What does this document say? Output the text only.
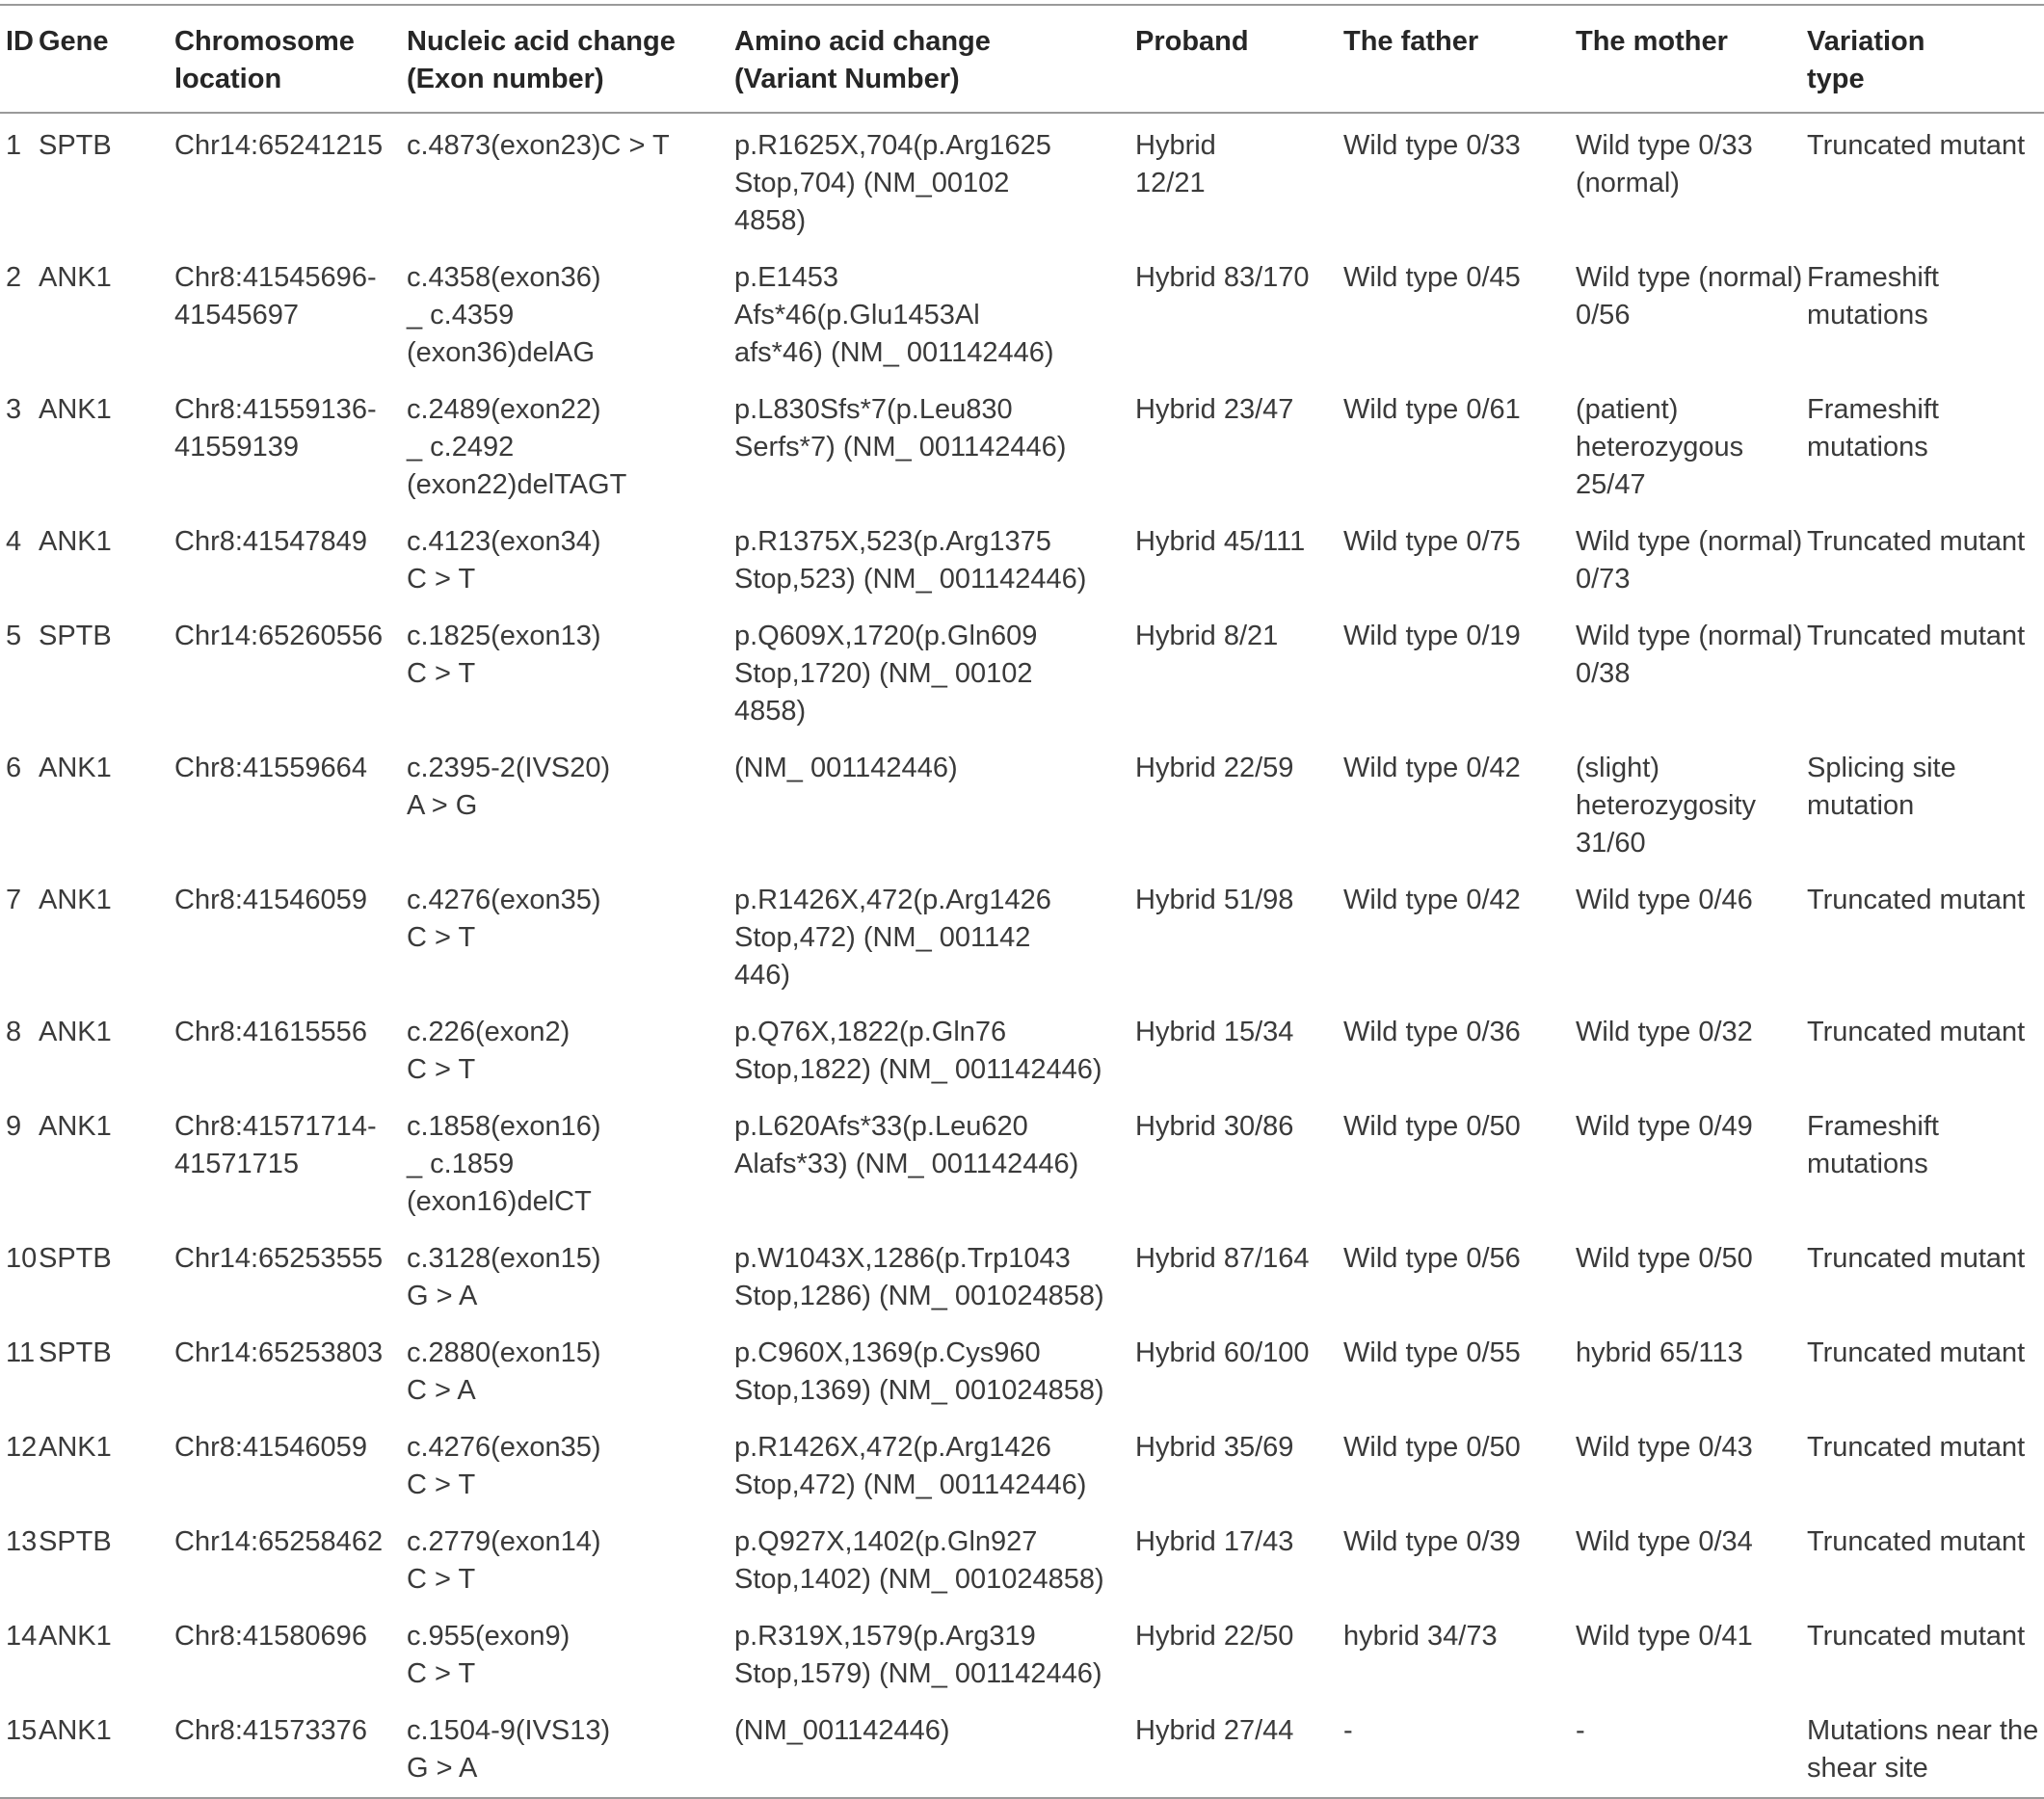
ID	Gene	Chromosome
location	Nucleic acid change
(Exon number)	Amino acid change
(Variant Number)	Proband	The father	The mother	Variation
type

1	SPTB	Chr14:65241215	c.4873(exon23)C > T	p.R1625X,704(p.Arg1625
Stop,704) (NM_00102
4858)	Hybrid
12/21	Wild type 0/33	Wild type 0/33
(normal)	Truncated mutant

2	ANK1	Chr8:41545696-
41545697	c.4358(exon36)
_ c.4359
(exon36)delAG	p.E1453
Afs*46(p.Glu1453Al
afs*46) (NM_ 001142446)	Hybrid 83/170	Wild type 0/45	Wild type (normal)
0/56	Frameshift
mutations

3	ANK1	Chr8:41559136-
41559139	c.2489(exon22)
_ c.2492
(exon22)delTAGT	p.L830Sfs*7(p.Leu830
Serfs*7) (NM_ 001142446)	Hybrid 23/47	Wild type 0/61	(patient)
heterozygous
25/47	Frameshift
mutations

4	ANK1	Chr8:41547849	c.4123(exon34)
C > T	p.R1375X,523(p.Arg1375
Stop,523) (NM_ 001142446)	Hybrid 45/111	Wild type 0/75	Wild type (normal)
0/73	Truncated mutant

5	SPTB	Chr14:65260556	c.1825(exon13)
C > T	p.Q609X,1720(p.Gln609
Stop,1720) (NM_ 00102
4858)	Hybrid 8/21	Wild type 0/19	Wild type (normal)
0/38	Truncated mutant

6	ANK1	Chr8:41559664	c.2395-2(IVS20)
A > G	(NM_ 001142446)	Hybrid 22/59	Wild type 0/42	(slight)
heterozygosity
31/60	Splicing site
mutation

7	ANK1	Chr8:41546059	c.4276(exon35)
C > T	p.R1426X,472(p.Arg1426
Stop,472) (NM_ 001142
446)	Hybrid 51/98	Wild type 0/42	Wild type 0/46	Truncated mutant

8	ANK1	Chr8:41615556	c.226(exon2)
C > T	p.Q76X,1822(p.Gln76
Stop,1822) (NM_ 001142446)	Hybrid 15/34	Wild type 0/36	Wild type 0/32	Truncated mutant

9	ANK1	Chr8:41571714-
41571715	c.1858(exon16)
_ c.1859
(exon16)delCT	p.L620Afs*33(p.Leu620
Alafs*33) (NM_ 001142446)	Hybrid 30/86	Wild type 0/50	Wild type 0/49	Frameshift
mutations

10	SPTB	Chr14:65253555	c.3128(exon15)
G > A	p.W1043X,1286(p.Trp1043
Stop,1286) (NM_ 001024858)	Hybrid 87/164	Wild type 0/56	Wild type 0/50	Truncated mutant

11	SPTB	Chr14:65253803	c.2880(exon15)
C > A	p.C960X,1369(p.Cys960
Stop,1369) (NM_ 001024858)	Hybrid 60/100	Wild type 0/55	hybrid 65/113	Truncated mutant

12	ANK1	Chr8:41546059	c.4276(exon35)
C > T	p.R1426X,472(p.Arg1426
Stop,472) (NM_ 001142446)	Hybrid 35/69	Wild type 0/50	Wild type 0/43	Truncated mutant

13	SPTB	Chr14:65258462	c.2779(exon14)
C > T	p.Q927X,1402(p.Gln927
Stop,1402) (NM_ 001024858)	Hybrid 17/43	Wild type 0/39	Wild type 0/34	Truncated mutant

14	ANK1	Chr8:41580696	c.955(exon9)
C > T	p.R319X,1579(p.Arg319
Stop,1579) (NM_ 001142446)	Hybrid 22/50	hybrid 34/73	Wild type 0/41	Truncated mutant

15	ANK1	Chr8:41573376	c.1504-9(IVS13)
G > A	(NM_001142446)	Hybrid 27/44	-	-	Mutations near the
shear site
